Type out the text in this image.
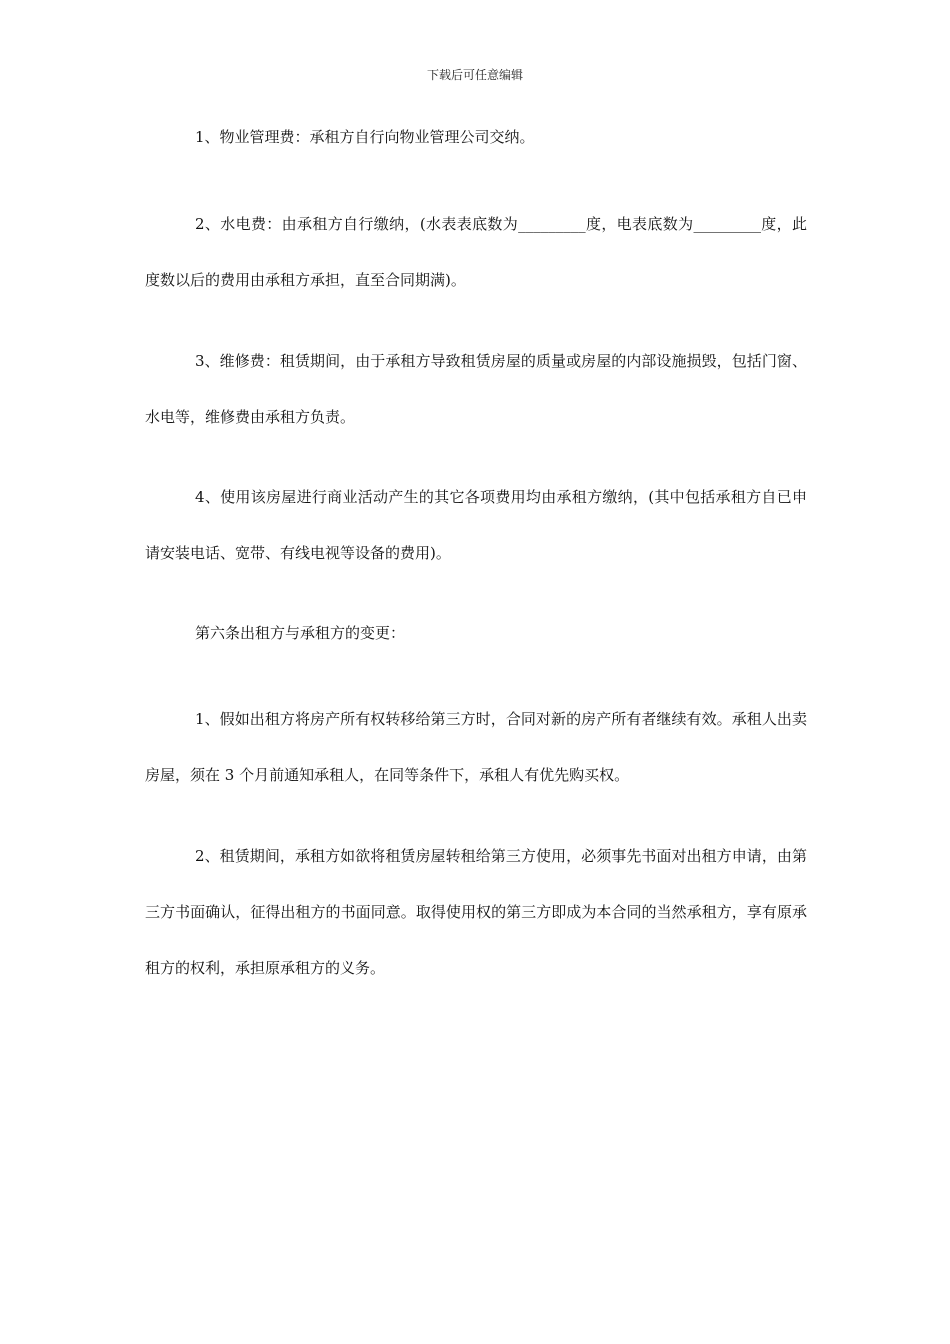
下载后可任意编辑

1、物业管理费：承租方自行向物业管理公司交纳。

2、水电费：由承租方自行缴纳，(水表表底数为_________度，电表底数为_________度，此度数以后的费用由承租方承担，直至合同期满)。

3、维修费：租赁期间，由于承租方导致租赁房屋的质量或房屋的内部设施损毁，包括门窗、水电等，维修费由承租方负责。

4、使用该房屋进行商业活动产生的其它各项费用均由承租方缴纳，(其中包括承租方自已申请安装电话、宽带、有线电视等设备的费用)。

第六条出租方与承租方的变更：

1、假如出租方将房产所有权转移给第三方时，合同对新的房产所有者继续有效。承租人出卖房屋，须在 3 个月前通知承租人，在同等条件下，承租人有优先购买权。

2、租赁期间，承租方如欲将租赁房屋转租给第三方使用，必须事先书面对出租方申请，由第三方书面确认，征得出租方的书面同意。取得使用权的第三方即成为本合同的当然承租方，享有原承租方的权利，承担原承租方的义务。
